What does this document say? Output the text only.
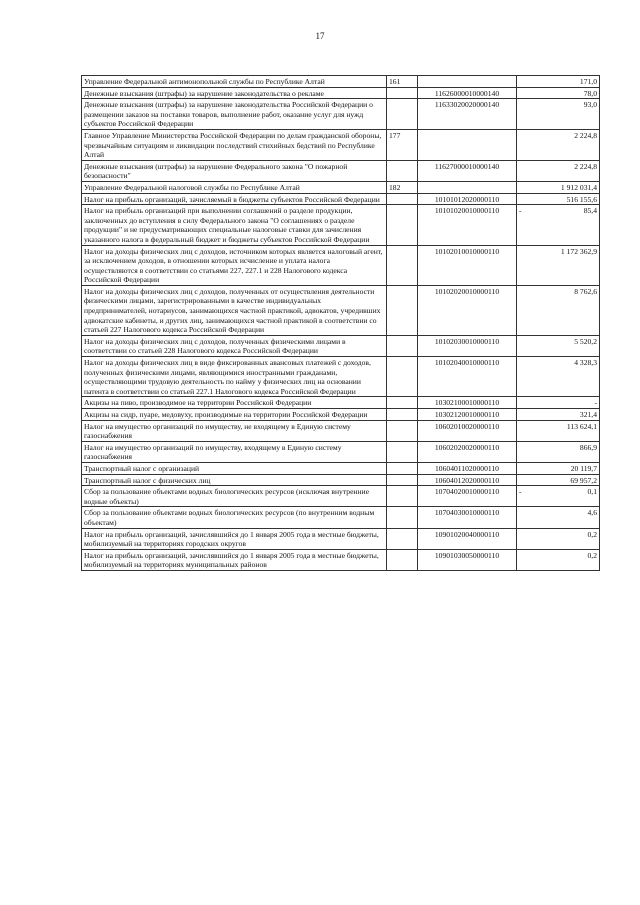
17
Управление Федеральной антимонопольной службы по Республике Алтай	161		171,0
Денежные взыскания (штрафы) за нарушение законодательства о рекламе		11626000010000140	78,0
Денежные взыскания (штрафы) за нарушение законодательства Российской Федерации о размещении заказов на поставки товаров, выполнение работ, оказание услуг для нужд субъектов Российской Федерации		11633020020000140	93,0
Главное Управление Министерства Российской Федерации по делам гражданской обороны, чрезвычайным ситуациям и ликвидации последствий стихийных бедствий по Республике Алтай	177		2 224,8
Денежные взыскания (штрафы) за нарушение Федерального закона "О пожарной безопасности"		11627000010000140	2 224,8
Управление Федеральной налоговой службы по Республике Алтай	182		1 912 031,4
Налог на прибыль организаций, зачисляемый в бюджеты субъектов Российской Федерации		10101012020000110	516 155,6
Налог на прибыль организаций при выполнении соглашений о разделе продукции, заключенных до вступления в силу Федерального закона "О соглашениях о разделе продукции" и не предусматривающих специальные налоговые ставки для зачисления указанного налога в федеральный бюджет и бюджеты субъектов Российской Федерации		10101020010000110	- 85,4
Налог на доходы физических лиц с доходов, источником которых является налоговый агент, за исключением доходов, в отношении которых исчисление и уплата налога осуществляются в соответствии со статьями 227, 227.1 и 228 Налогового кодекса Российской Федерации		10102010010000110	1 172 362,9
Налог на доходы физических лиц с доходов, полученных от осуществления деятельности физическими лицами, зарегистрированными в качестве индивидуальных предпринимателей, нотариусов, занимающихся частной практикой, адвокатов, учредивших адвокатские кабинеты, и других лиц, занимающихся частной практикой в соответствии со статьей 227 Налогового кодекса Российской Федерации		10102020010000110	8 762,6
Налог на доходы физических лиц с доходов, полученных физическими лицами в соответствии со статьей 228 Налогового кодекса Российской Федерации		10102030010000110	5 520,2
Налог на доходы физических лиц в виде фиксированных авансовых платежей с доходов, полученных физическими лицами, являющимися иностранными гражданами, осуществляющими трудовую деятельность по найму у физических лиц на основании патента в соответствии со статьей 227.1 Налогового кодекса Российской Федерации		10102040010000110	4 328,3
Акцизы на пиво, производимое на территории Российской Федерации		10302100010000110	-
Акцизы на сидр, пуаре, медовуху, производимые на территории Российской Федерации		10302120010000110	321,4
Налог на имущество организаций по имуществу, не входящему в Единую систему газоснабжения		10602010020000110	113 624,1
Налог на имущество организаций по имуществу, входящему в Единую систему газоснабжения		10602020020000110	866,9
Транспортный налог с организаций		10604011020000110	20 119,7
Транспортный налог с физических лиц		10604012020000110	69 957,2
Сбор за пользование объектами водных биологических ресурсов (исключая внутренние водные объекты)		10704020010000110	- 0,1
Сбор за пользование объектами водных биологических ресурсов (по внутренним водным объектам)		10704030010000110	4,6
Налог на прибыль организаций, зачислявшийся до 1 января 2005 года в местные бюджеты, мобилизуемый на территориях городских округов		10901020040000110	0,2
Налог на прибыль организаций, зачислявшийся до 1 января 2005 года в местные бюджеты, мобилизуемый на территориях муниципальных районов		10901030050000110	0,2
